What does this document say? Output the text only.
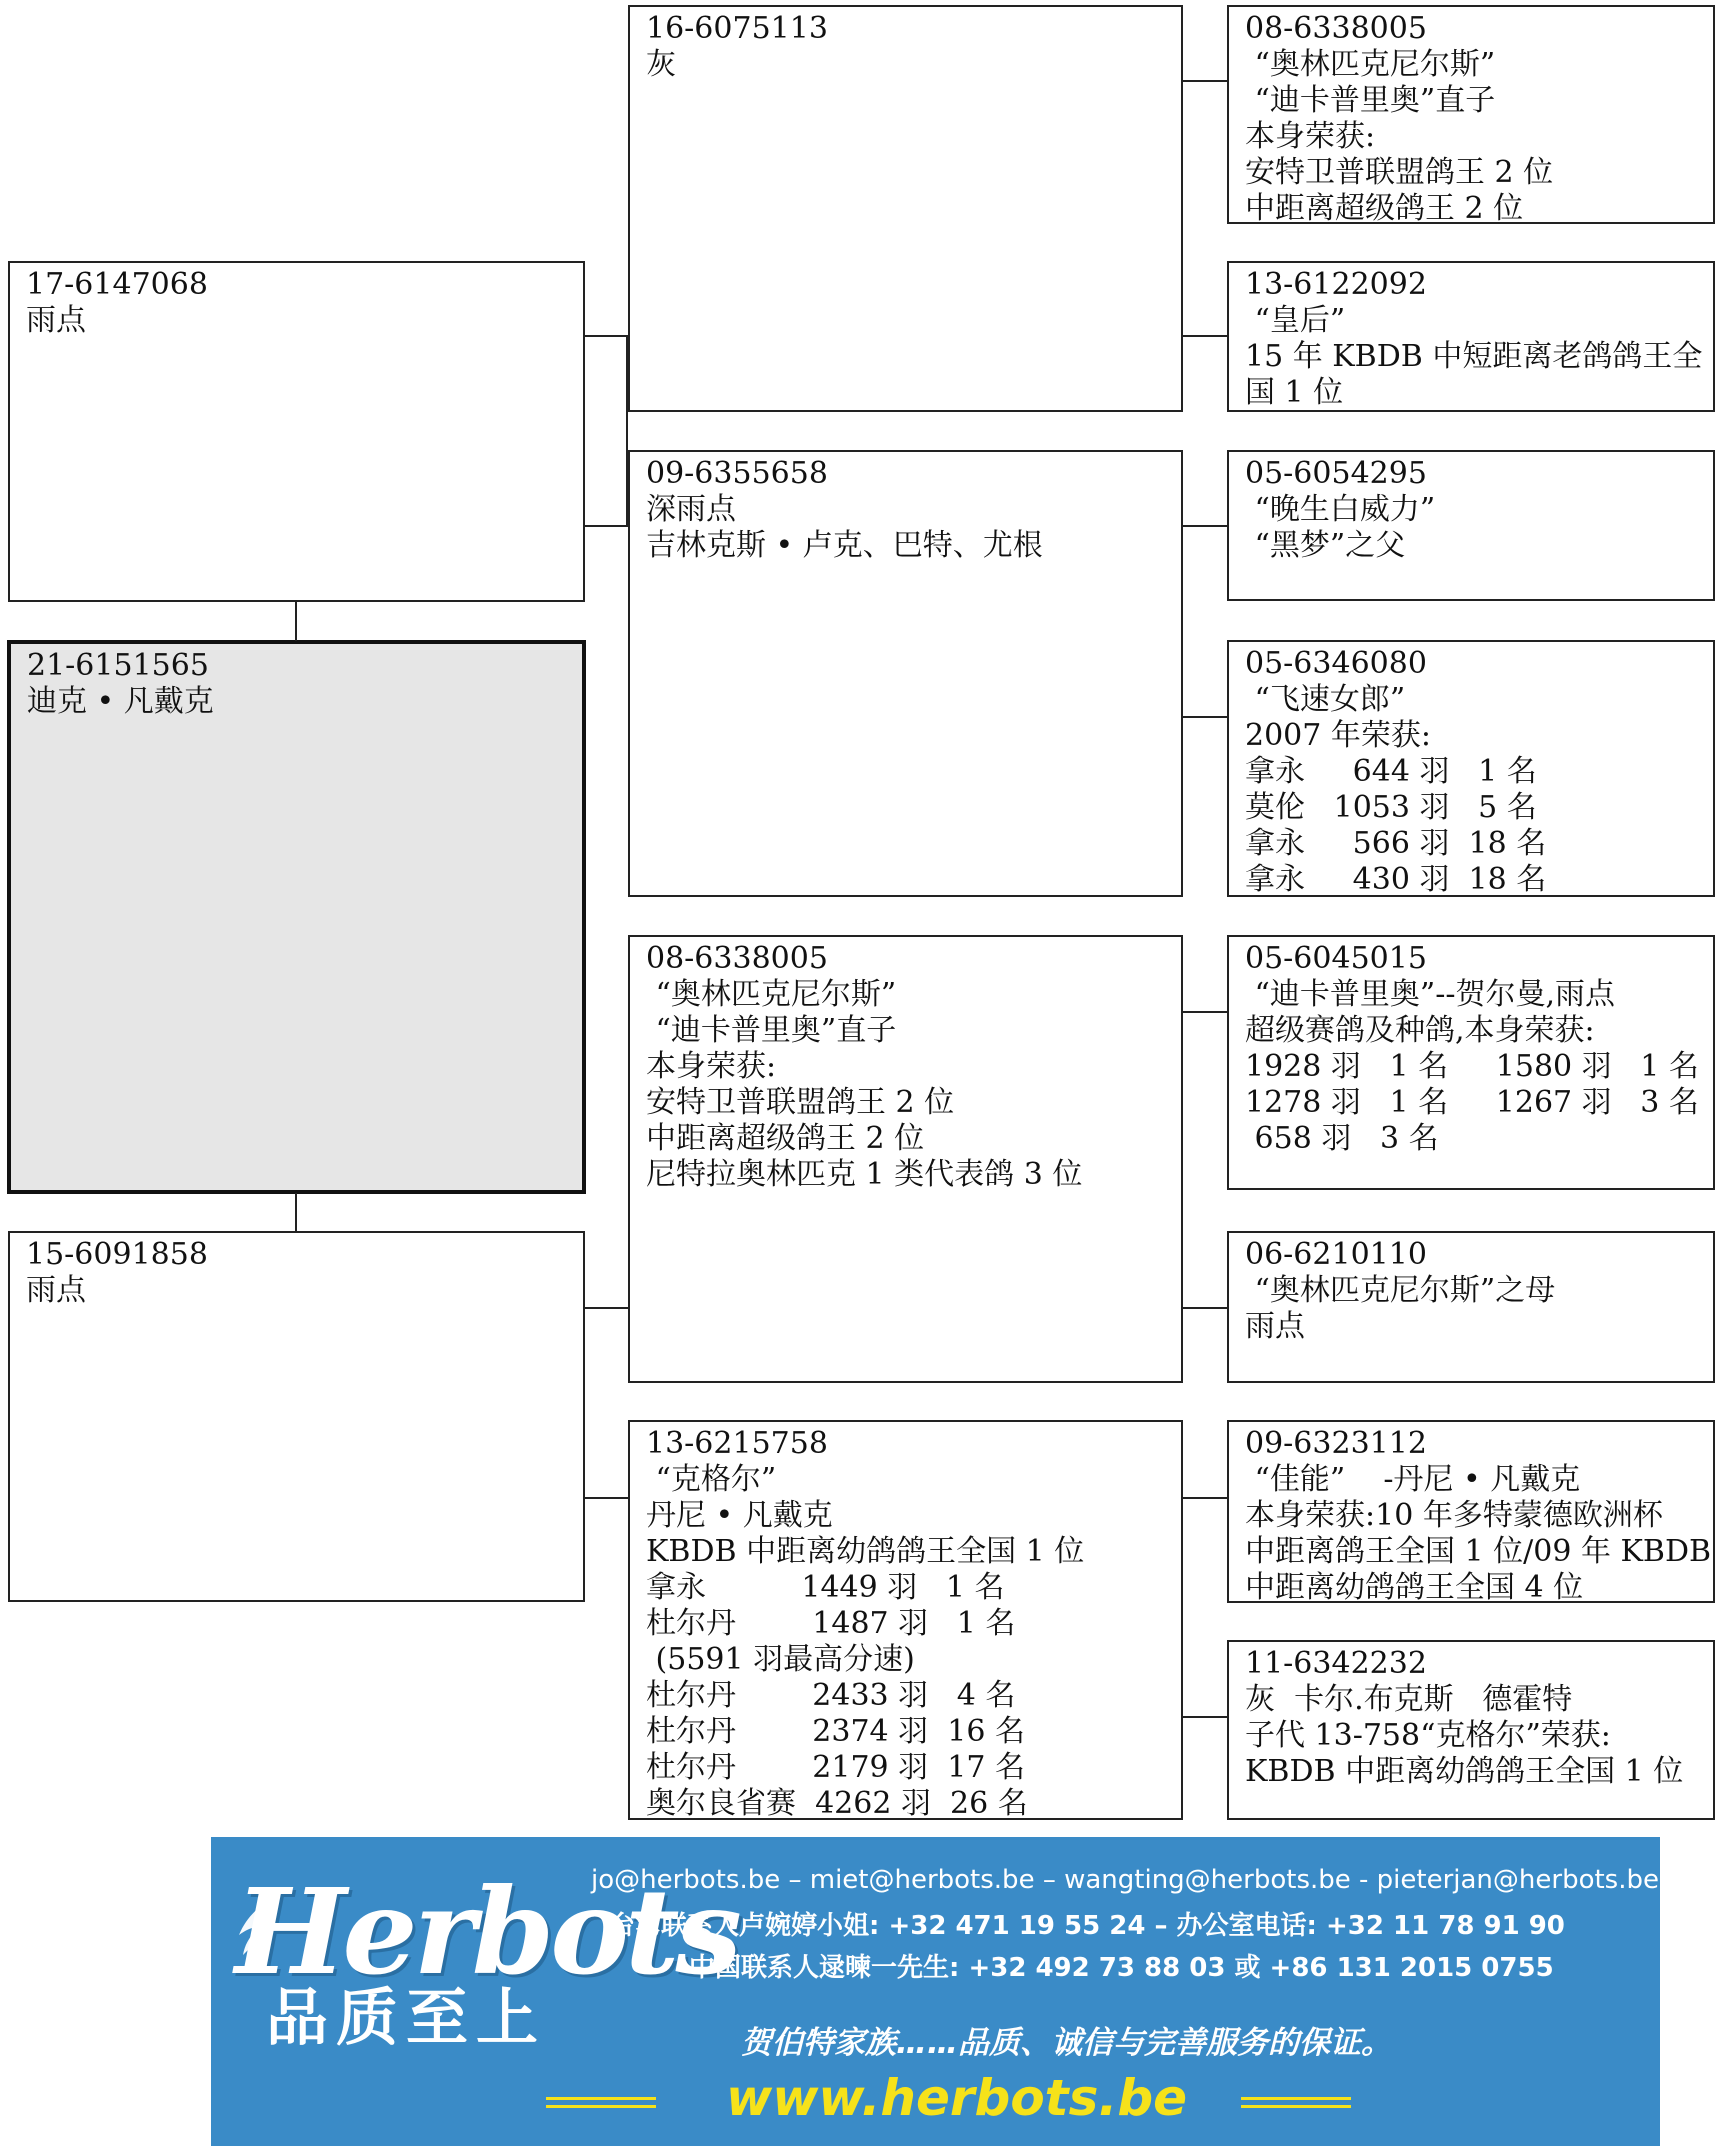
17-6147068
雨点
21-6151565
迪克 • 凡戴克
15-6091858
雨点
16-6075113
灰
09-6355658
深雨点
吉林克斯 • 卢克、巴特、尤根
08-6338005
“奥林匹克尼尔斯”
“迪卡普里奥”直子
本身荣获:
安特卫普联盟鸽王 2 位
中距离超级鸽王 2 位
尼特拉奥林匹克 1 类代表鸽 3 位
13-6215758
“克格尔”
丹尼 • 凡戴克
KBDB 中距离幼鸽鸽王全国 1 位
拿永          1449 羽   1 名
杜尔丹        1487 羽   1 名
(5591 羽最高分速)
杜尔丹        2433 羽   4 名
杜尔丹        2374 羽  16 名
杜尔丹        2179 羽  17 名
奥尔良省赛  4262 羽  26 名
08-6338005
“奥林匹克尼尔斯”
“迪卡普里奥”直子
本身荣获:
安特卫普联盟鸽王 2 位
中距离超级鸽王 2 位
13-6122092
“皇后”
15 年 KBDB 中短距离老鸽鸽王全
国 1 位
05-6054295
“晚生白威力”
“黑梦”之父
05-6346080
“飞速女郎”
2007 年荣获:
拿永     644 羽   1 名
莫伦   1053 羽   5 名
拿永     566 羽  18 名
拿永     430 羽  18 名
05-6045015
“迪卡普里奥”--贺尔曼,雨点
超级赛鸽及种鸽,本身荣获:
1928 羽   1 名     1580 羽   1 名
1278 羽   1 名     1267 羽   3 名
658 羽   3 名
06-6210110
“奥林匹克尼尔斯”之母
雨点
09-6323112
“佳能”    -丹尼 • 凡戴克
本身荣获:10 年多特蒙德欧洲杯
中距离鸽王全国 1 位/09 年 KBDB
中距离幼鸽鸽王全国 4 位
11-6342232
灰  卡尔.布克斯   德霍特
子代 13-758“克格尔”荣获:
KBDB 中距离幼鸽鸽王全国 1 位
Herbots
品质至上
jo@herbots.be – miet@herbots.be – wangting@herbots.be - pieterjan@herbots.be
台湾联系人卢婉婷小姐: +32 471 19 55 24 – 办公室电话: +32 11 78 91 90
中国联系人逯暕一先生: +32 492 73 88 03 或 +86 131 2015 0755
贺伯特家族……品质、诚信与完善服务的保证。
www.herbots.be
